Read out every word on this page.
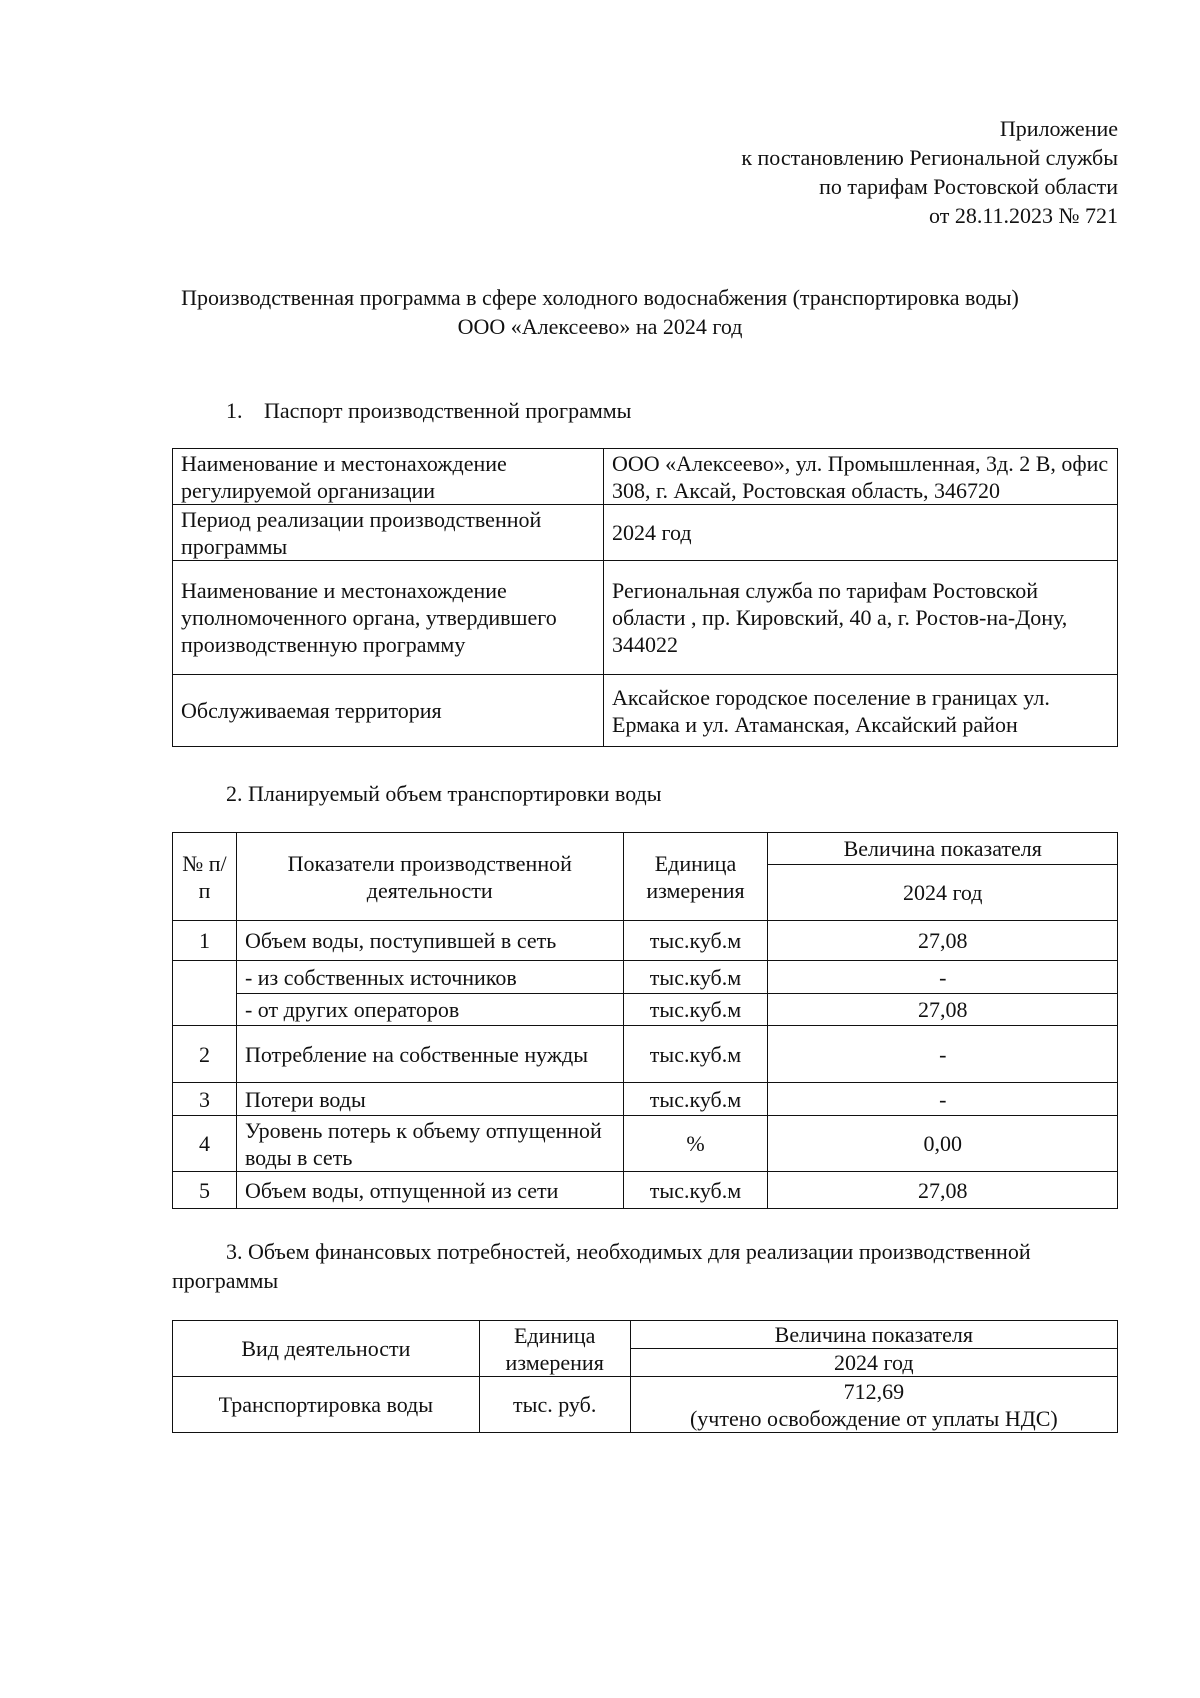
Приложение
к постановлению Региональной службы
по тарифам Ростовской области
от 28.11.2023 № 721
Производственная программа в сфере холодного водоснабжения (транспортировка воды)
ООО «Алексеево» на 2024 год
1. Паспорт производственной программы
Наименование и местонахождение регулируемой организации	ООО «Алексеево», ул. Промышленная, 3д. 2 В, офис 308, г. Аксай, Ростовская область, 346720
Период реализации производственной программы	2024 год
Наименование и местонахождение уполномоченного органа, утвердившего производственную программу	Региональная служба по тарифам Ростовской области , пр. Кировский, 40 а, г. Ростов-на-Дону, 344022
Обслуживаемая территория	Аксайское городское поселение в границах ул. Ермака и ул. Атаманская, Аксайский район
2. Планируемый объем транспортировки воды
№ п/п	Показатели производственной деятельности	Единица измерения	Величина показателя
			2024 год
1	Объем воды, поступившей в сеть	тыс.куб.м	27,08
	- из собственных источников	тыс.куб.м	-
	- от других операторов	тыс.куб.м	27,08
2	Потребление на собственные нужды	тыс.куб.м	-
3	Потери воды	тыс.куб.м	-
4	Уровень потерь к объему отпущенной воды в сеть	%	0,00
5	Объем воды, отпущенной из сети	тыс.куб.м	27,08
3. Объем финансовых потребностей, необходимых для реализации производственной программы
Вид деятельности	Единица измерения	Величина показателя
		2024 год
Транспортировка воды	тыс. руб.	712,69
(учтено освобождение от уплаты НДС)
